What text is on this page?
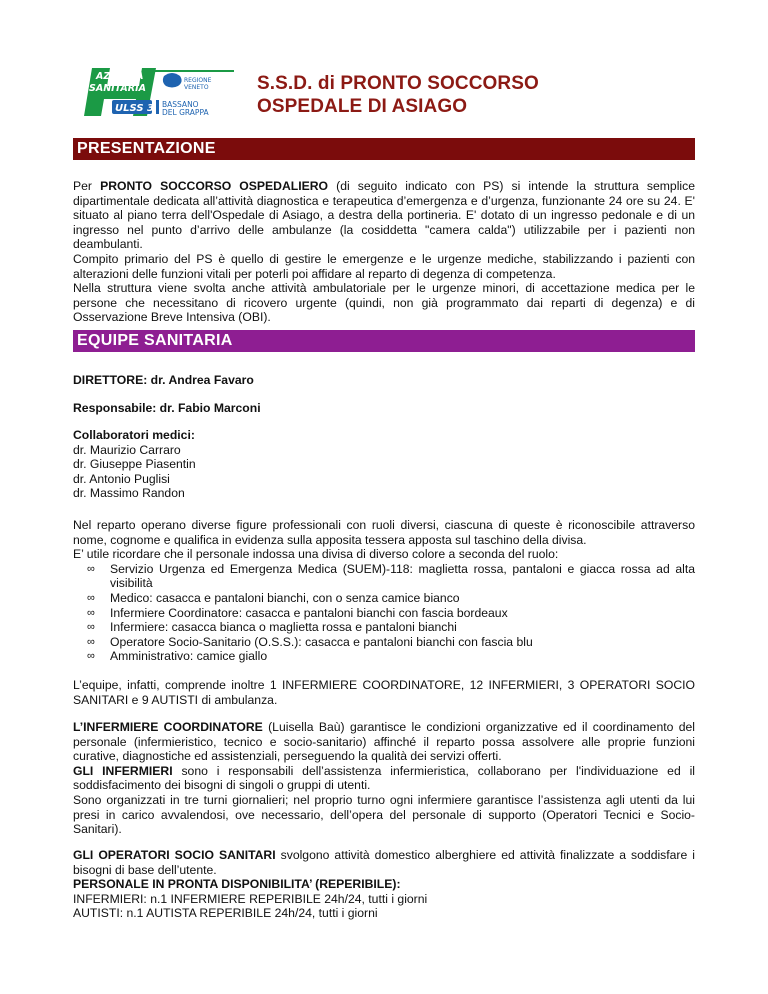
AZIENDA
SANITARIA
ULSS 3
REGIONE
VENETO
BASSANO
DEL GRAPPA
S.S.D. di PRONTO SOCCORSO
OSPEDALE DI ASIAGO
PRESENTAZIONE

Per PRONTO SOCCORSO OSPEDALIERO (di seguito indicato con PS) si intende la struttura semplice dipartimentale dedicata all’attività diagnostica e terapeutica d’emergenza e d’urgenza, funzionante 24 ore su 24. E' situato al piano terra dell'Ospedale di Asiago, a destra della portineria. E' dotato di un ingresso pedonale e di un ingresso nel punto d’arrivo delle ambulanze (la cosiddetta "camera calda") utilizzabile per i pazienti non deambulanti.

Compito primario del PS è quello di gestire le emergenze e le urgenze mediche, stabilizzando i pazienti con alterazioni delle funzioni vitali per poterli poi affidare al reparto di degenza di competenza.

Nella struttura viene svolta anche attività ambulatoriale per le urgenze minori, di accettazione medica per le persone che necessitano di ricovero urgente (quindi, non già programmato dai reparti di degenza) e di Osservazione Breve Intensiva (OBI).

EQUIPE SANITARIA
DIRETTORE: dr. Andrea Favaro
Responsabile: dr. Fabio Marconi
Collaboratori medici:
dr. Maurizio Carraro
dr. Giuseppe Piasentin
dr. Antonio Puglisi
dr. Massimo Randon

Nel reparto operano diverse figure professionali con ruoli diversi, ciascuna di queste è riconoscibile attraverso nome, cognome e qualifica in evidenza sulla apposita tessera apposta sul taschino della divisa.

E’ utile ricordare che il personale indossa una divisa di diverso colore a seconda del ruolo:

∞ Servizio Urgenza ed Emergenza Medica (SUEM)-118: maglietta rossa, pantaloni e giacca rossa ad alta visibilità
∞ Medico: casacca e pantaloni bianchi, con o senza camice bianco
∞ Infermiere Coordinatore: casacca e pantaloni bianchi con fascia bordeaux
∞ Infermiere: casacca bianca o maglietta rossa e pantaloni bianchi
∞ Operatore Socio-Sanitario (O.S.S.): casacca e pantaloni bianchi con fascia blu
∞ Amministrativo: camice giallo
L’equipe, infatti, comprende inoltre 1 INFERMIERE COORDINATORE, 12 INFERMIERI, 3 OPERATORI SOCIO SANITARI e 9 AUTISTI di ambulanza.

L’INFERMIERE COORDINATORE (Luisella Baù) garantisce le condizioni organizzative ed il coordinamento del personale (infermieristico, tecnico e socio-sanitario) affinché il reparto possa assolvere alle proprie funzioni curative, diagnostiche ed assistenziali, perseguendo la qualità dei servizi offerti.

GLI INFERMIERI sono i responsabili dell’assistenza infermieristica, collaborano per l'individuazione ed il soddisfacimento dei bisogni di singoli o gruppi di utenti.

Sono organizzati in tre turni giornalieri; nel proprio turno ogni infermiere garantisce l’assistenza agli utenti da lui presi in carico avvalendosi, ove necessario, dell’opera del personale di supporto (Operatori Tecnici e Socio-Sanitari).

GLI OPERATORI SOCIO SANITARI svolgono attività domestico alberghiere ed attività finalizzate a soddisfare i bisogni di base dell’utente.

PERSONALE IN PRONTA DISPONIBILITA’ (REPERIBILE):

INFERMIERI: n.1 INFERMIERE REPERIBILE 24h/24, tutti i giorni

AUTISTI: n.1 AUTISTA REPERIBILE 24h/24, tutti i giorni
